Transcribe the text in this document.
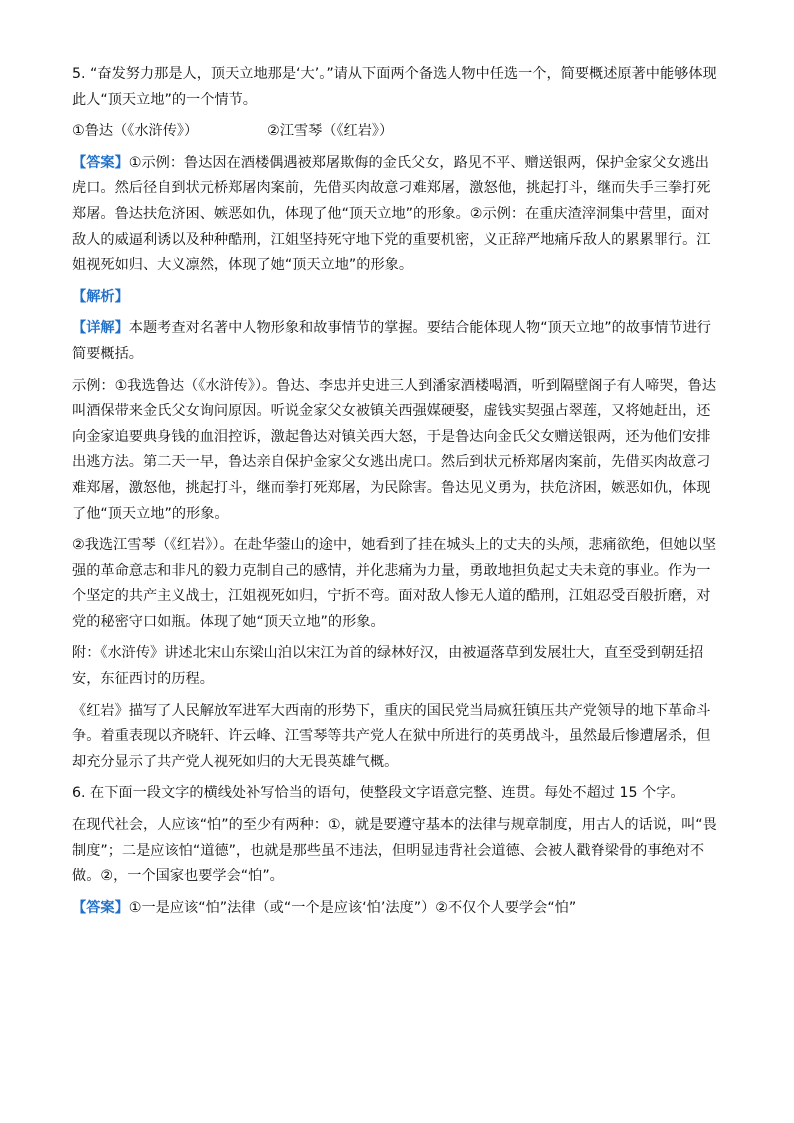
5. “奋发努力那是人，顶天立地那是‘大’。”请从下面两个备选人物中任选一个，简要概述原著中能够体现此人“顶天立地”的一个情节。

①鲁达（《水浒传》）	②江雪琴（《红岩》）

【答案】①示例：鲁达因在酒楼偶遇被郑屠欺侮的金氏父女，路见不平、赠送银两，保护金家父女逃出虎口。然后径自到状元桥郑屠肉案前，先借买肉故意刁难郑屠，激怒他，挑起打斗，继而失手三拳打死郑屠。鲁达扶危济困、嫉恶如仇，体现了他“顶天立地”的形象。②示例：在重庆渣滓洞集中营里，面对敌人的威逼利诱以及种种酷刑，江姐坚持死守地下党的重要机密，义正辞严地痛斥敌人的累累罪行。江姐视死如归、大义凛然，体现了她“顶天立地”的形象。

【解析】

【详解】本题考查对名著中人物形象和故事情节的掌握。要结合能体现人物“顶天立地”的故事情节进行简要概括。

示例：①我选鲁达（《水浒传》）。鲁达、李忠并史进三人到潘家酒楼喝酒，听到隔壁阁子有人啼哭，鲁达叫酒保带来金氏父女询问原因。听说金家父女被镇关西强媒硬娶，虚钱实契强占翠莲，又将她赶出，还向金家追要典身钱的血泪控诉，激起鲁达对镇关西大怒，于是鲁达向金氏父女赠送银两，还为他们安排出逃方法。第二天一早，鲁达亲自保护金家父女逃出虎口。然后到状元桥郑屠肉案前，先借买肉故意刁难郑屠，激怒他，挑起打斗，继而拳打死郑屠，为民除害。鲁达见义勇为，扶危济困，嫉恶如仇，体现了他“顶天立地”的形象。

②我选江雪琴（《红岩》）。在赴华蓥山的途中，她看到了挂在城头上的丈夫的头颅，悲痛欲绝，但她以坚强的革命意志和非凡的毅力克制自己的感情，并化悲痛为力量，勇敢地担负起丈夫未竟的事业。作为一个坚定的共产主义战士，江姐视死如归，宁折不弯。面对敌人惨无人道的酷刑，江姐忍受百般折磨，对党的秘密守口如瓶。体现了她“顶天立地”的形象。

附：《水浒传》讲述北宋山东梁山泊以宋江为首的绿林好汉，由被逼落草到发展壮大，直至受到朝廷招安，东征西讨的历程。

《红岩》描写了人民解放军进军大西南的形势下，重庆的国民党当局疯狂镇压共产党领导的地下革命斗争。着重表现以齐晓轩、许云峰、江雪琴等共产党人在狱中所进行的英勇战斗，虽然最后惨遭屠杀，但却充分显示了共产党人视死如归的大无畏英雄气概。

6. 在下面一段文字的横线处补写恰当的语句，使整段文字语意完整、连贯。每处不超过 15 个字。

在现代社会，人应该“怕”的至少有两种：①，就是要遵守基本的法律与规章制度，用古人的话说，叫“畏制度”；二是应该怕“道德”，也就是那些虽不违法，但明显违背社会道德、会被人戳脊梁骨的事绝对不做。②，一个国家也要学会“怕”。

【答案】①一是应该“怕”法律（或“一个是应该‘怕’法度”）②不仅个人要学会“怕”
